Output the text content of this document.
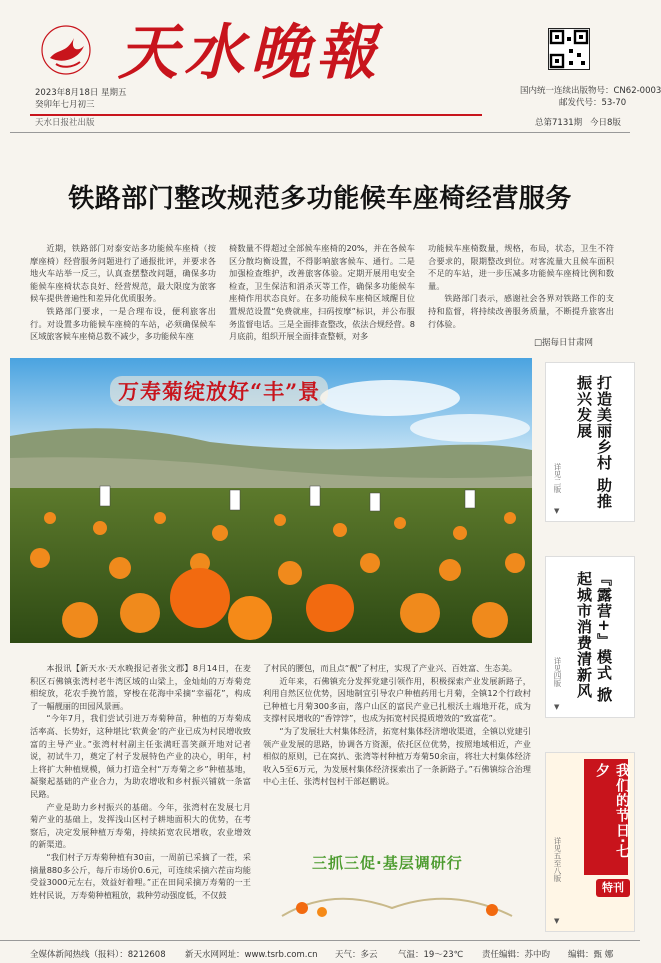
天水晚報
2023年8月18日 星期五
癸卯年七月初三
天水日报社出版
国内统一连续出版物号：CN62-0003
邮发代号：53-70
总第7131期 今日8版
铁路部门整改规范多功能候车座椅经营服务

近期，铁路部门对泰安站多功能候车座椅（按摩座椅）经营服务问题进行了通报批评，并要求各地火车站举一反三，认真查摆整改问题，确保多功能候车座椅状态良好、经营规范，最大限度为旅客候车提供普遍性和差异化优质服务。

铁路部门要求，一是合理布设，便利旅客出行。对设置多功能候车座椅的车站，必须确保候车区域旅客候车座椅总数不减少，多功能候车座

椅数量不得超过全部候车座椅的20%，并在各候车区分散均衡设置，不得影响旅客候车、通行。二是加强检查维护，改善旅客体验。定期开展用电安全检查，卫生保洁和消杀灭等工作，确保多功能候车座椅作用状态良好。在多功能候车座椅区域醒目位置规范设置“免费就座，扫码按摩”标识，并公布服务监督电话。三是全面排查整改，依法合规经营。8月底前，组织开展全面排查整顿，对多

功能候车座椅数量，规格，布局，状态，卫生不符合要求的，限期整改到位。对客流量大且候车面积不足的车站，进一步压减多功能候车座椅比例和数量。

铁路部门表示，感谢社会各界对铁路工作的支持和监督，将持续改善服务质量，不断提升旅客出行体验。

□据每日甘肃网
万寿菊绽放好“丰”景

本报讯【新天水·天水晚报记者张文郡】8月14日，在麦积区石佛镇张湾村老牛湾区域的山梁上，金灿灿的万寿菊竞相绽放，花农手挽竹篮，穿梭在花海中采摘“幸福花”，构成了一幅靓丽的田园风景画。

“今年7月，我们尝试引进万寿菊种苗，种植的万寿菊成活率高、长势好，这种堪比‘软黄金’的产业已成为村民增收致富的主导产业。”张湾村村副主任张满旺喜笑颜开地对记者说，初试牛刀，奠定了村子发展特色产业的决心，明年，村上将扩大种植规模，倾力打造全村“万寿菊之乡”种植基地，凝聚起基础的产业合力，为助农增收和乡村振兴铺就一条富民路。

产业是助力乡村振兴的基础。今年，张湾村在发展七月菊产业的基础上，发挥浅山区村子耕地面积大的优势，在考察后，决定发展种植万寿菊，持续拓宽农民增收，农业增效的新渠道。

“我们村子万寿菊种植有30亩，一周前已采摘了一茬，采摘量880多公斤，每斤市场价0.6元，可连续采摘六茬亩均能受益3000元左右，效益好着哩。”正在田间采摘万寿菊的一王姓村民说，万寿菊种植粗放，栽种劳动强度低，不仅鼓

了村民的腰包，而且点“靓”了村庄，实现了产业兴、百姓富、生态美。

近年来，石佛镇充分发挥党建引领作用，积极探索产业发展新路子，利用自然区位优势，因地制宜引导农户种植药用七月菊，全镇12个行政村已种植七月菊300多亩，落户山区的富民产业已扎根沃土端地开花，成为支撑村民增收的“香饽饽”，也成为拓宽村民提质增效的“致富花”。

“为了发展壮大村集体经济，拓宽村集体经济增收渠道，全镇以党建引领产业发展的思路，协调各方资源，依托区位优势，按照地域相近，产业相似的原则，已在窝扒、张湾等村种植万寿菊50余亩，将壮大村集体经济收入5至6万元，为发展村集体经济探索出了一条新路子。”石佛镇综合治理中心主任、张湾村包村干部赵鹏说。

三抓三促·基层调研行
打造美丽乡村 助推振兴发展
详见二版
▼
『露营+』模式 掀起城市消费清新风
详见四版
▼
我们的节日·七夕
特刊
详见五至八版
▼
全媒体新闻热线（报料）：8212608 新天水网网址：www.tsrb.com.cn 天气：多云 气温：19～23℃ 责任编辑：苏中昀 编辑：甄 娜
